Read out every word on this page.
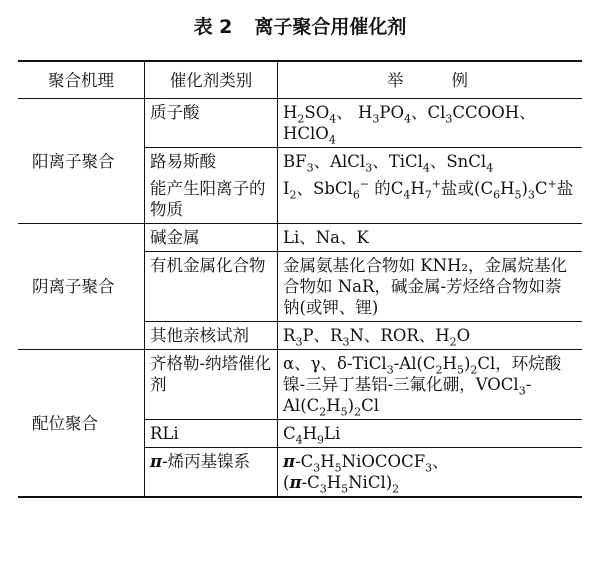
表 2 离子聚合用催化剂
聚合机理	催化剂类别	举例
阳离子聚合	质子酸	$H_2SO_4$、 $H_3PO_4$、$Cl_3CCOOH$、HClO$_4$
	路易斯酸	$BF_3$、AlCl$_3$、TiCl$_4$、SnCl$_4$
	能产生阳离子的物质	$I_2$、SbCl$_6$− 的$C_4H_7^+$盐或$(C_6H_5)_3C^+$盐
阴离子聚合	碱金属	Li、Na、K
	有机金属化合物	金属氨基化合物如 KNH₂，金属烷基化合物如 NaR，碱金属-芳烃络合物如萘钠(或钾、锂)
	其他亲核试剂	$R_3P$、$R_3N$、ROR、$H_2O$
配位聚合	齐格勒-纳塔催化剂	α、γ、$\delta-TiCl_3-Al(C_2H_5)_2Cl$，环烷酸镍-三异丁基铝-三氟化硼，$VOCl_3-Al(C_2H_5)_2Cl$
	RLi	$C_4H_9Li$
	π-烯丙基镍系	$\pi-C_3H_5NiOCOCF_3$、
$(\pi-C_3H_5NiCl)_2$
